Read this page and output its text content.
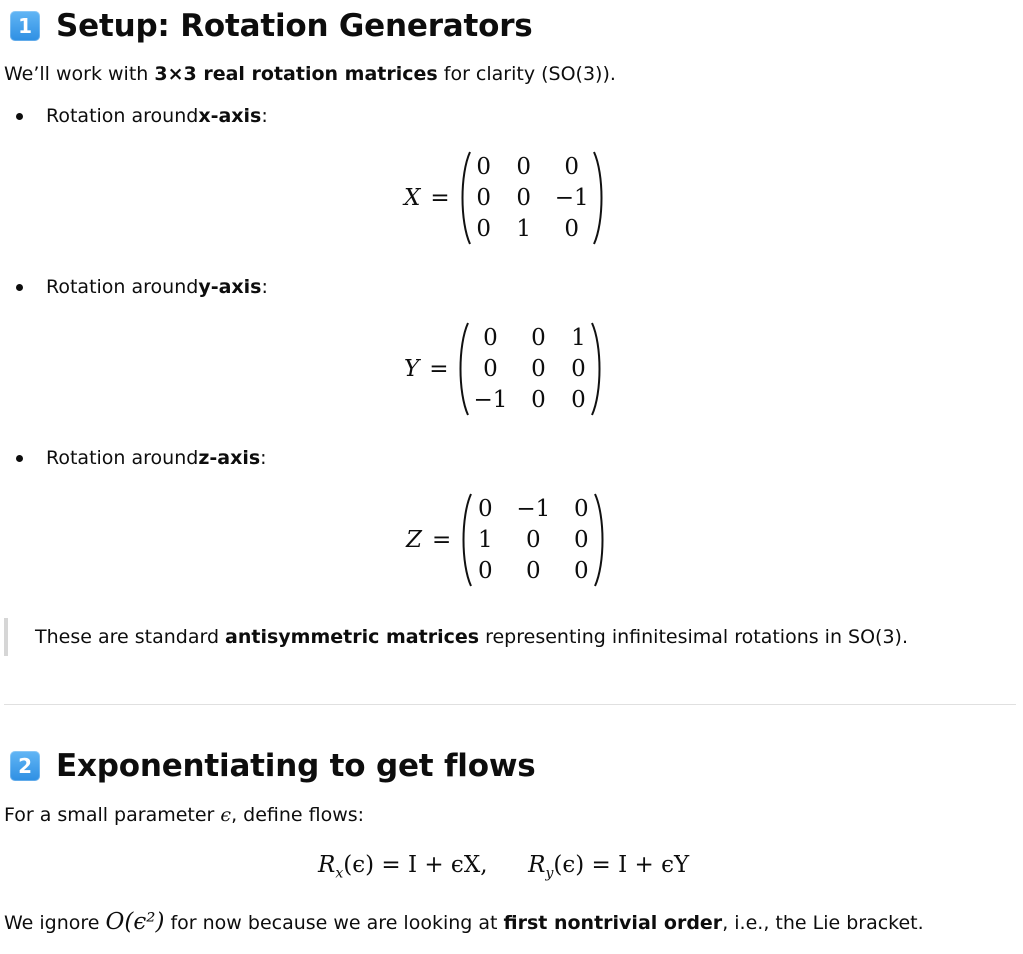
1 Setup: Rotation Generators
We’ll work with 3×3 real rotation matrices for clarity (SO(3)).
Rotation around x-axis :
X =
0 0	0
0 0 −1
0 1	0
Rotation around y-axis :
Y =
0	0 1
0	0 0
−1 0 0
Rotation around z-axis :
Z =
0 −1 0
1	0	0
0	0	0
These are standard antisymmetric matrices representing infinitesimal rotations in SO(3).
2 Exponentiating to get flows
For a small parameter ϵ, define flows:
$R_x(\epsilon) = I + \epsilon X$, $R_y(\epsilon) = I + \epsilon Y$
We ignore O(ϵ²) for now because we are looking at first nontrivial order, i.e., the Lie bracket.
